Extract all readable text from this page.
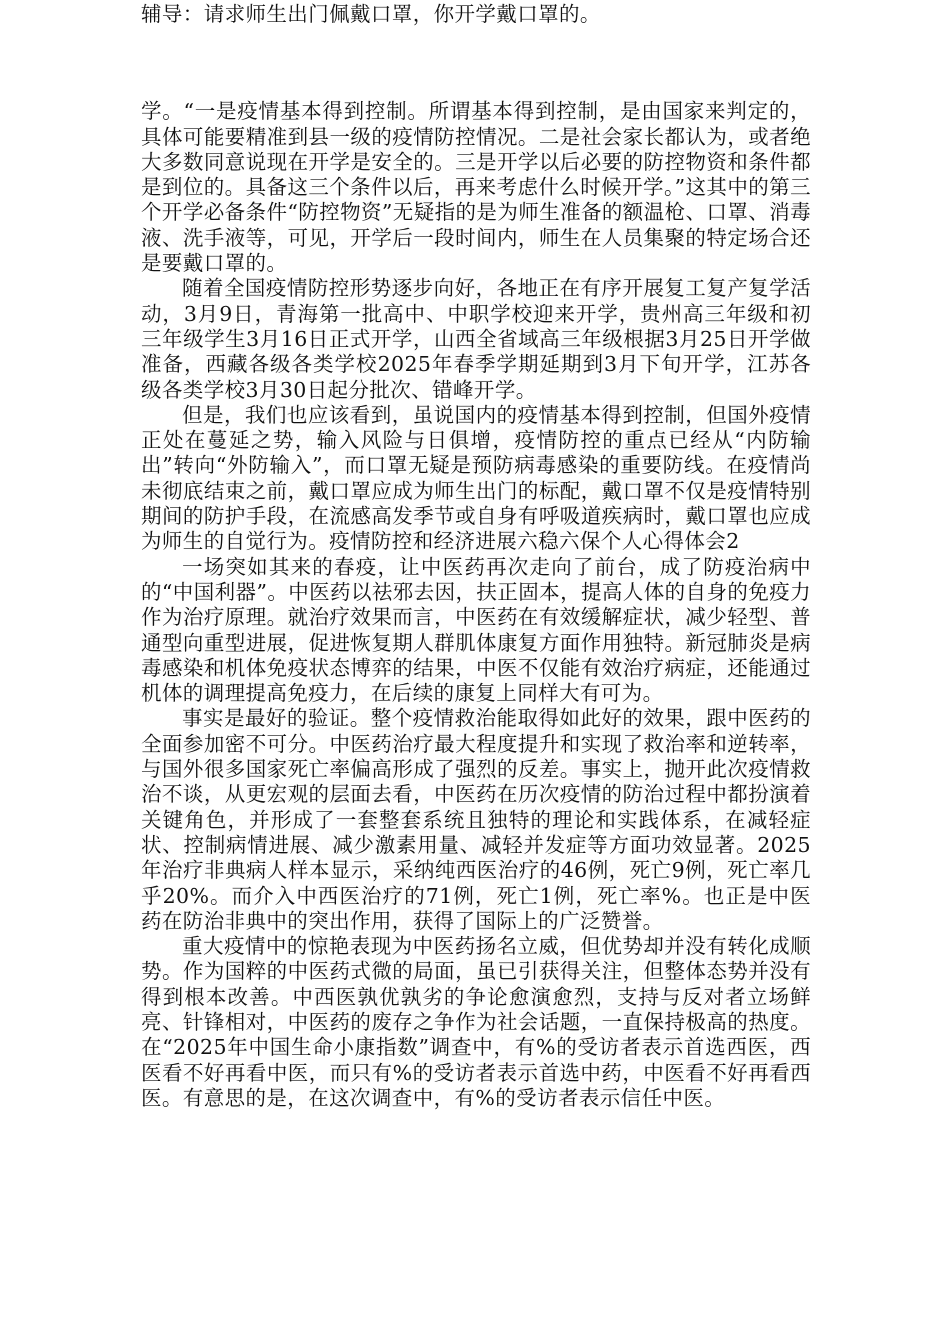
辅导：请求师生出门佩戴口罩，你开学戴口罩的。

学。“一是疫情基本得到控制。所谓基本得到控制，是由国家来判定的，具体可能要精准到县一级的疫情防控情况。二是社会家长都认为，或者绝大多数同意说现在开学是安全的。三是开学以后必要的防控物资和条件都是到位的。具备这三个条件以后，再来考虑什么时候开学。”这其中的第三个开学必备条件“防控物资”无疑指的是为师生准备的额温枪、口罩、消毒液、洗手液等，可见，开学后一段时间内，师生在人员集聚的特定场合还是要戴口罩的。

随着全国疫情防控形势逐步向好，各地正在有序开展复工复产复学活动，3月9日，青海第一批高中、中职学校迎来开学，贵州高三年级和初三年级学生3月16日正式开学，山西全省域高三年级根据3月25日开学做准备，西藏各级各类学校2025年春季学期延期到3月下旬开学，江苏各级各类学校3月30日起分批次、错峰开学。

但是，我们也应该看到，虽说国内的疫情基本得到控制，但国外疫情正处在蔓延之势，输入风险与日俱增，疫情防控的重点已经从“内防输出”转向“外防输入”，而口罩无疑是预防病毒感染的重要防线。在疫情尚未彻底结束之前，戴口罩应成为师生出门的标配，戴口罩不仅是疫情特别期间的防护手段，在流感高发季节或自身有呼吸道疾病时，戴口罩也应成为师生的自觉行为。疫情防控和经济进展六稳六保个人心得体会2

一场突如其来的春疫，让中医药再次走向了前台，成了防疫治病中的“中国利器”。中医药以祛邪去因，扶正固本，提高人体的自身的免疫力作为治疗原理。就治疗效果而言，中医药在有效缓解症状，减少轻型、普通型向重型进展，促进恢复期人群肌体康复方面作用独特。新冠肺炎是病毒感染和机体免疫状态博弈的结果，中医不仅能有效治疗病症，还能通过机体的调理提高免疫力，在后续的康复上同样大有可为。

事实是最好的验证。整个疫情救治能取得如此好的效果，跟中医药的全面参加密不可分。中医药治疗最大程度提升和实现了救治率和逆转率，与国外很多国家死亡率偏高形成了强烈的反差。事实上，抛开此次疫情救治不谈，从更宏观的层面去看，中医药在历次疫情的防治过程中都扮演着关键角色，并形成了一套整套系统且独特的理论和实践体系，在减轻症状、控制病情进展、减少激素用量、减轻并发症等方面功效显著。2025年治疗非典病人样本显示，采纳纯西医治疗的46例，死亡9例，死亡率几乎20%。而介入中西医治疗的71例，死亡1例，死亡率%。也正是中医药在防治非典中的突出作用，获得了国际上的广泛赞誉。

重大疫情中的惊艳表现为中医药扬名立威，但优势却并没有转化成顺势。作为国粹的中医药式微的局面，虽已引获得关注，但整体态势并没有得到根本改善。中西医孰优孰劣的争论愈演愈烈，支持与反对者立场鲜亮、针锋相对，中医药的废存之争作为社会话题，一直保持极高的热度。在“2025年中国生命小康指数”调查中，有%的受访者表示首选西医，西医看不好再看中医，而只有%的受访者表示首选中药，中医看不好再看西医。有意思的是，在这次调查中，有%的受访者表示信任中医。
